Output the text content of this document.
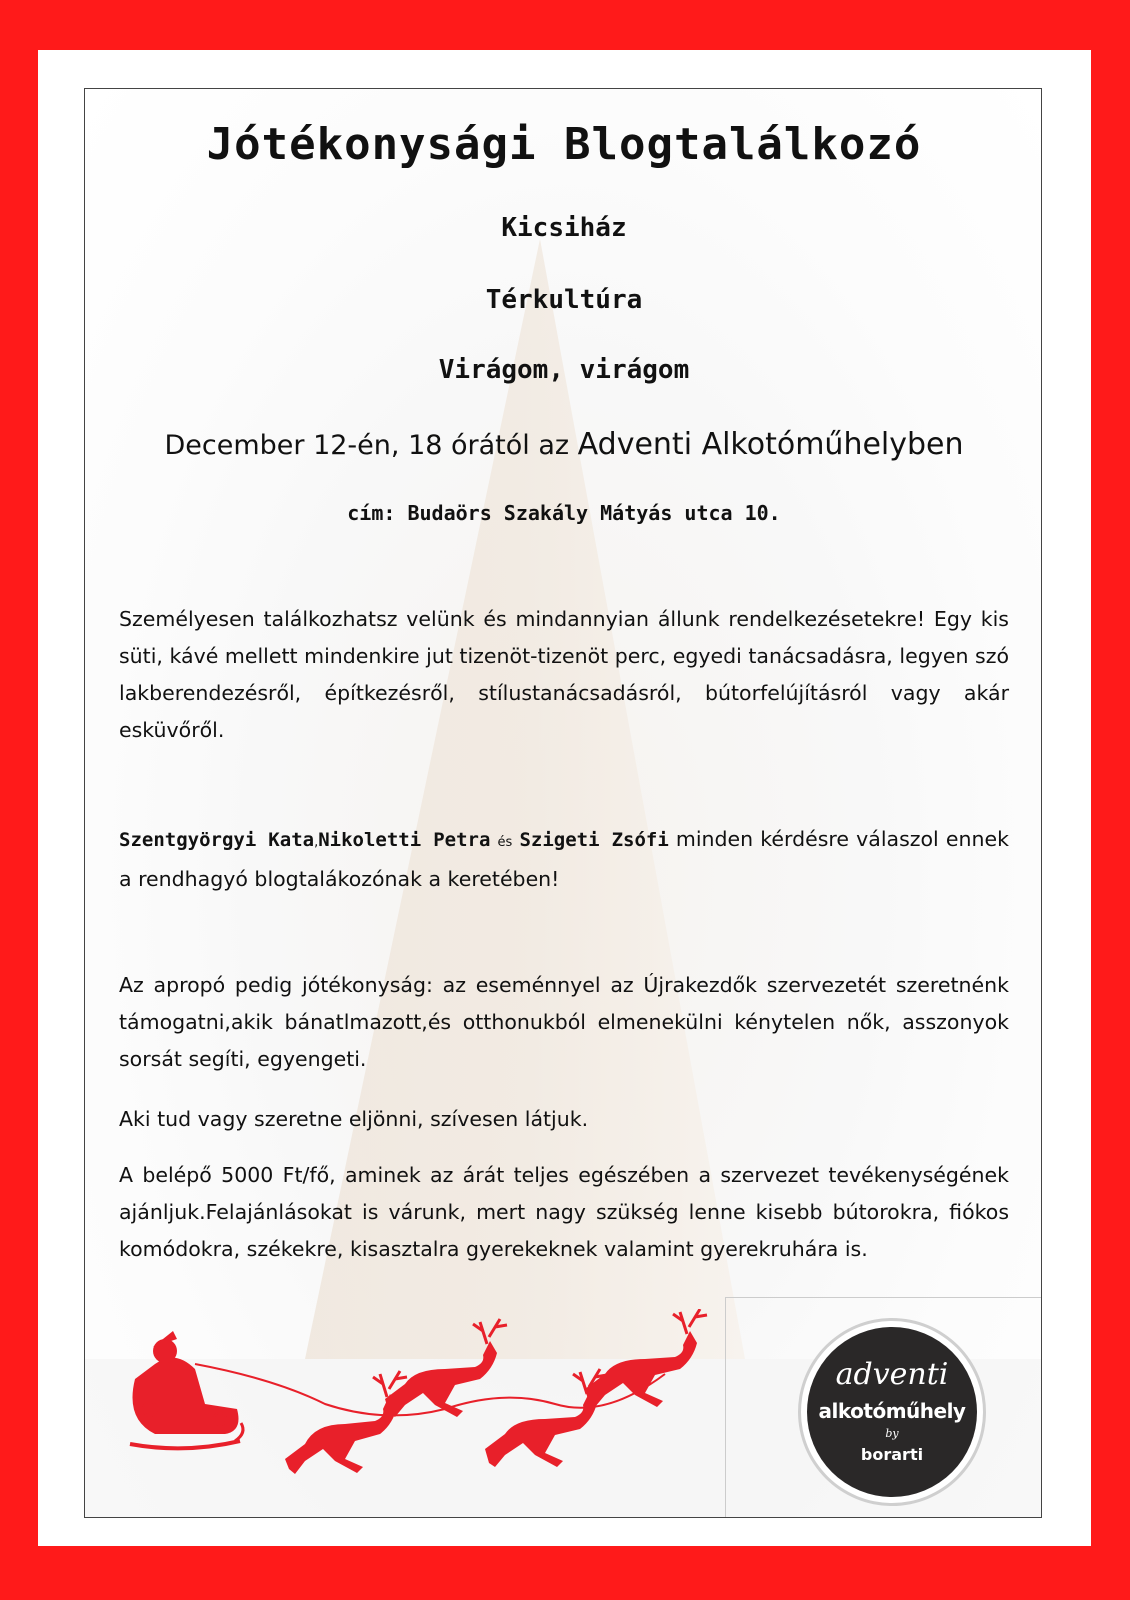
Jótékonysági Blogtalálkozó
Kicsiház
Térkultúra
Virágom, virágom
December 12-én, 18 órától az Adventi Alkotóműhelyben
cím: Budaörs Szakály Mátyás utca 10.
Személyesen találkozhatsz velünk és mindannyian állunk rendelkezésetekre! Egy kis süti, kávé mellett mindenkire jut tizenöt-tizenöt perc, egyedi tanácsadásra, legyen szó lakberendezésről, építkezésről, stílustanácsadásról, bútorfelújításról vagy akár esküvőről.
Szentgyörgyi Kata,Nikoletti Petra és Szigeti Zsófi minden kérdésre válaszol ennek a rendhagyó blogtalákozónak a keretében!
Az apropó pedig jótékonyság: az eseménnyel az Újrakezdők szervezetét szeretnénk támogatni,akik bánatlmazott,és otthonukból elmenekülni kénytelen nők, asszonyok sorsát segíti, egyengeti.
Aki tud vagy szeretne eljönni, szívesen látjuk.
A belépő 5000 Ft/fő, aminek az árát teljes egészében a szervezet tevékenységének ajánljuk.Felajánlásokat is várunk, mert nagy szükség lenne kisebb bútorokra, fiókos komódokra, székekre, kisasztalra gyerekeknek valamint gyerekruhára is.
adventi
alkotóműhely
by
borarti
